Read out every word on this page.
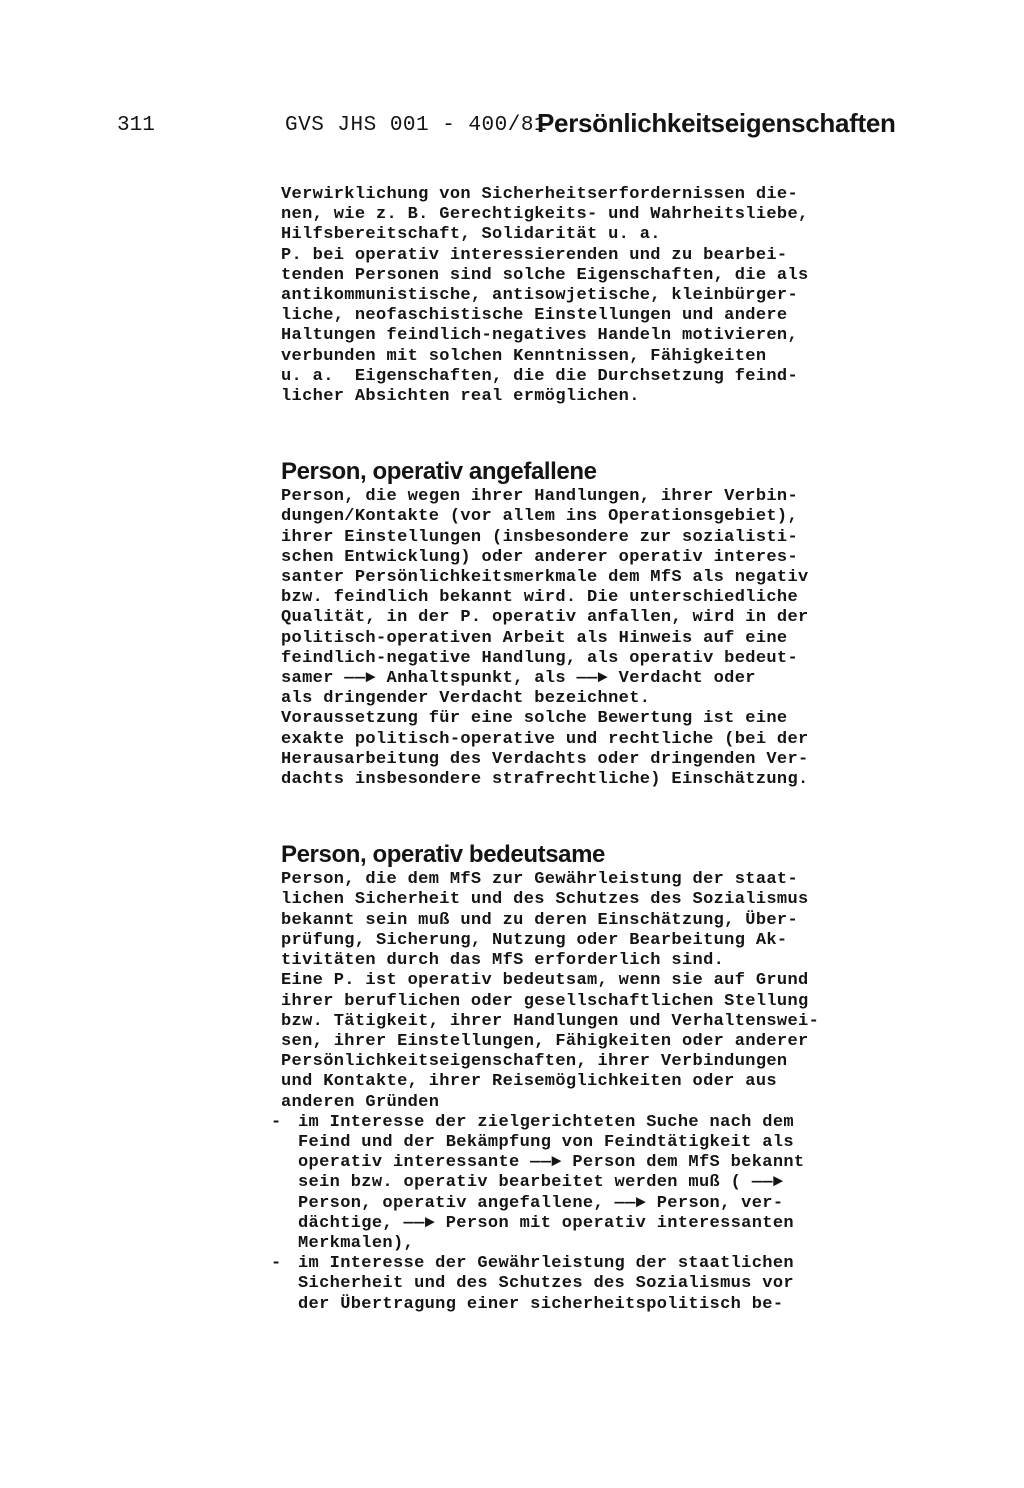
311	GVS JHS 001 - 400/81
Persönlichkeitseigenschaften

Verwirklichung von Sicherheitserfordernissen die-
nen, wie z. B. Gerechtigkeits- und Wahrheitsliebe,
Hilfsbereitschaft, Solidarität u. a.
P. bei operativ interessierenden und zu bearbei-
tenden Personen sind solche Eigenschaften, die als
antikommunistische, antisowjetische, kleinbürger-
liche, neofaschistische Einstellungen und andere
Haltungen feindlich-negatives Handeln motivieren,
verbunden mit solchen Kenntnissen, Fähigkeiten
u. a.  Eigenschaften, die die Durchsetzung feind-
licher Absichten real ermöglichen.

Person, operativ angefallene

Person, die wegen ihrer Handlungen, ihrer Verbin-
dungen/Kontakte (vor allem ins Operationsgebiet),
ihrer Einstellungen (insbesondere zur sozialisti-
schen Entwicklung) oder anderer operativ interes-
santer Persönlichkeitsmerkmale dem MfS als negativ
bzw. feindlich bekannt wird. Die unterschiedliche
Qualität, in der P. operativ anfallen, wird in der
politisch-operativen Arbeit als Hinweis auf eine
feindlich-negative Handlung, als operativ bedeut-
samer ——► Anhaltspunkt, als ——► Verdacht oder
als dringender Verdacht bezeichnet.
Voraussetzung für eine solche Bewertung ist eine
exakte politisch-operative und rechtliche (bei der
Herausarbeitung des Verdachts oder dringenden Ver-
dachts insbesondere strafrechtliche) Einschätzung.

Person, operativ bedeutsame

Person, die dem MfS zur Gewährleistung der staat-
lichen Sicherheit und des Schutzes des Sozialismus
bekannt sein muß und zu deren Einschätzung, Über-
prüfung, Sicherung, Nutzung oder Bearbeitung Ak-
tivitäten durch das MfS erforderlich sind.
Eine P. ist operativ bedeutsam, wenn sie auf Grund
ihrer beruflichen oder gesellschaftlichen Stellung
bzw. Tätigkeit, ihrer Handlungen und Verhaltenswei-
sen, ihrer Einstellungen, Fähigkeiten oder anderer
Persönlichkeitseigenschaften, ihrer Verbindungen
und Kontakte, ihrer Reisemöglichkeiten oder aus
anderen Gründen

- im Interesse der zielgerichteten Suche nach dem
Feind und der Bekämpfung von Feindtätigkeit als
operativ interessante ——► Person dem MfS bekannt
sein bzw. operativ bearbeitet werden muß ( ——►
Person, operativ angefallene, ——► Person, ver-
dächtige, ——► Person mit operativ interessanten
Merkmalen),

- im Interesse der Gewährleistung der staatlichen
Sicherheit und des Schutzes des Sozialismus vor
der Übertragung einer sicherheitspolitisch be-
